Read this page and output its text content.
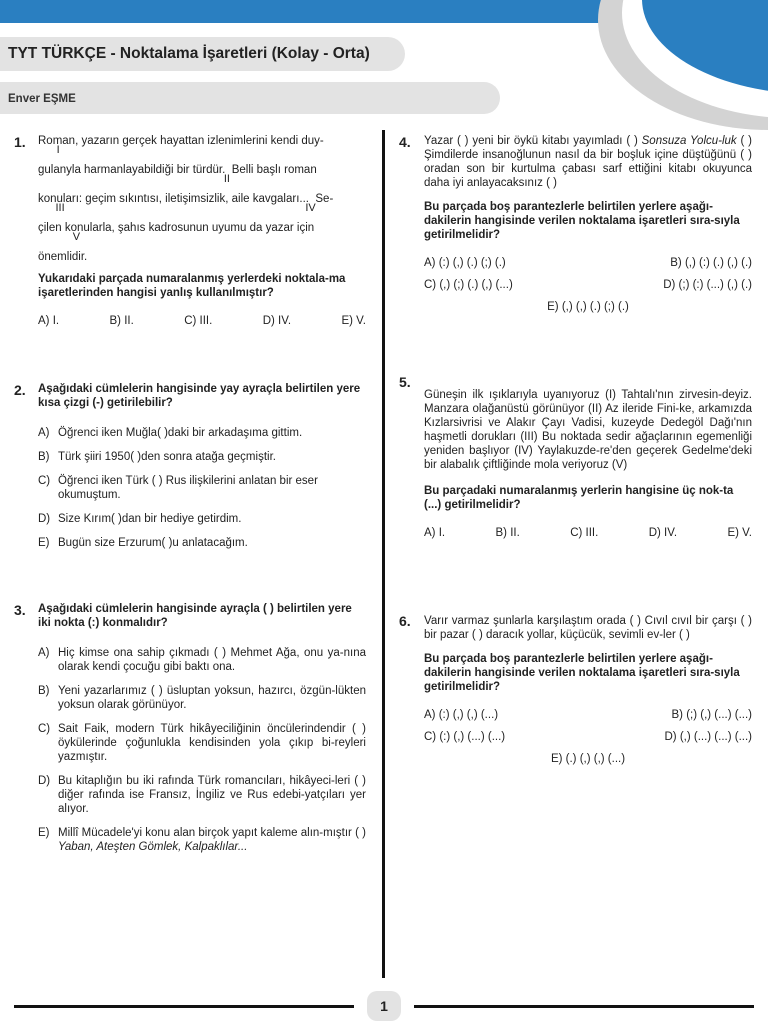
TYT TÜRKÇE - Noktalama İşaretleri (Kolay - Orta)
Enver EŞME
1. Roman,
I
yazarın gerçek hayattan izlenimlerini kendi duy-
gulanyla harmanlayabildiği bir türdür.
II
Belli başlı roman
konuları:
III
geçim sıkıntısı, iletişimsizlik, aile kavgaları...
IV
Se-
çilen konularla,
V
şahıs kadrosunun uyumu da yazar için
önemlidir.
Yukarıdaki parçada numaralanmış yerlerdeki noktala-ma işaretlerinden hangisi yanlış kullanılmıştır?
A) I.	B) II.	C) III.	D) IV.	E) V.
2. Aşağıdaki cümlelerin hangisinde yay ayraçla belirtilen yere kısa çizgi (-) getirilebilir?
A) Öğrenci iken Muğla( )daki bir arkadaşıma gittim.
B) Türk şiiri 1950( )den sonra atağa geçmiştir.
C) Öğrenci iken Türk ( ) Rus ilişkilerini anlatan bir eser okumuştum.
D) Size Kırım( )dan bir hediye getirdim.
E) Bugün size Erzurum( )u anlatacağım.
3. Aşağıdaki cümlelerin hangisinde ayraçla ( ) belirtilen yere iki nokta (:) konmalıdır?
A) Hiç kimse ona sahip çıkmadı ( ) Mehmet Ağa, onu ya-nına olarak kendi çocuğu gibi baktı ona.
B) Yeni yazarlarımız ( ) üsluptan yoksun, hazırcı, özgün-lükten yoksun olarak görünüyor.
C) Sait Faik, modern Türk hikâyeciliğinin öncülerindendir ( ) öykülerinde çoğunlukla kendisinden yola çıkıp bi-reyleri yazmıştır.
D) Bu kitaplığın bu iki rafında Türk romancıları, hikâyeci-leri ( ) diğer rafında ise Fransız, İngiliz ve Rus edebi-yatçıları yer alıyor.
E) Millî Mücadele'yi konu alan birçok yapıt kaleme alın-mıştır ( ) Yaban, Ateşten Gömlek, Kalpaklılar...
4. Yazar ( ) yeni bir öykü kitabı yayımladı ( ) Sonsuza Yolcu-luk ( ) Şimdilerde insanoğlunun nasıl da bir boşluk içine düştüğünü ( ) oradan son bir kurtulma çabası sarf ettiğini kitabı okuyunca daha iyi anlayacaksınız ( )
Bu parçada boş parantezlerle belirtilen yerlere aşağı-dakilerin hangisinde verilen noktalama işaretleri sıra-sıyla getirilmelidir?
A) (:) (,) (.) (;) (.)	B) (,) (:) (.) (,) (.)
C) (,) (;) (.) (,) (...)	D) (;) (:) (...) (,) (.)
E) (,) (,) (.) (;) (.)
5.
Güneşin ilk ışıklarıyla uyanıyoruz (I) Tahtalı'nın zirvesin-deyiz. Manzara olağanüstü görünüyor (II) Az ileride Fini-ke, arkamızda Kızlarsivrisi ve Alakır Çayı Vadisi, kuzeyde Dedegöl Dağı'nın haşmetli dorukları (III) Bu noktada sedir ağaçlarının egemenliği yeniden başlıyor (IV) Yaylakuzde-re'den geçerek Gedelme'deki bir alabalık çiftliğinde mola veriyoruz (V)
Bu parçadaki numaralanmış yerlerin hangisine üç nok-ta (...) getirilmelidir?
A) I.	B) II.	C) III.	D) IV.	E) V.
6. Varır varmaz şunlarla karşılaştım orada ( ) Cıvıl cıvıl bir çarşı ( ) bir pazar ( ) daracık yollar, küçücük, sevimli ev-ler ( )
Bu parçada boş parantezlerle belirtilen yerlere aşağı-dakilerin hangisinde verilen noktalama işaretleri sıra-sıyla getirilmelidir?
A) (:) (,) (,) (...)	B) (;) (,) (...) (...)
C) (:) (,) (...) (...)	D) (,) (...) (...) (...)
E) (.) (,) (,) (...)
1
